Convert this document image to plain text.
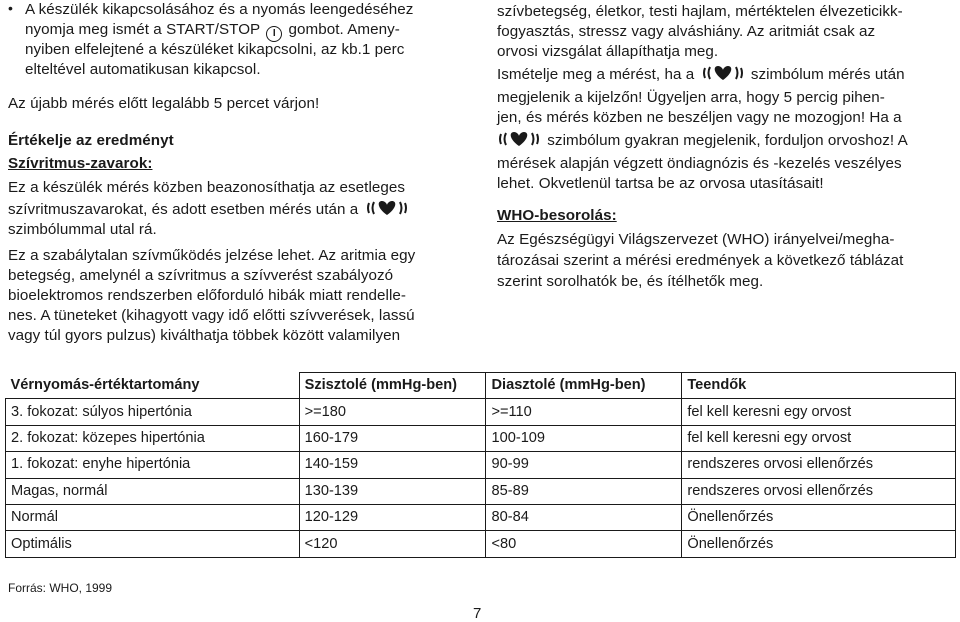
• A készülék kikapcsolásához és a nyomás leengedéséhez
nyomja meg ismét a START/STOP I gombot. Ameny-
nyiben elfelejtené a készüléket kikapcsolni, az kb.1 perc
elteltével automatikusan kikapcsol.
Az újabb mérés előtt legalább 5 percet várjon!
Értékelje az eredményt
Szívritmus-zavarok:
Ez a készülék mérés közben beazonosíthatja az esetleges
szívritmuszavarokat, és adott esetben mérés után a
szimbólummal utal rá.
Ez a szabálytalan szívműködés jelzése lehet. Az aritmia egy
betegség, amelynél a szívritmus a szívverést szabályozó
bioelektromos rendszerben előforduló hibák miatt rendelle-
nes. A tüneteket (kihagyott vagy idő előtti szívverések, lassú
vagy túl gyors pulzus) kiválthatja többek között valamilyen
szívbetegség, életkor, testi hajlam, mértéktelen élvezeticikk-
fogyasztás, stressz vagy alváshiány. Az aritmiát csak az
orvosi vizsgálat állapíthatja meg.
Ismételje meg a mérést, ha a	szimbólum mérés után
megjelenik a kijelzőn! Ügyeljen arra, hogy 5 percig pihen-
jen, és mérés közben ne beszéljen vagy ne mozogjon! Ha a
szimbólum gyakran megjelenik, forduljon orvoshoz! A
mérések alapján végzett öndiagnózis és -kezelés veszélyes
lehet. Okvetlenül tartsa be az orvosa utasításait!
WHO-besorolás:
Az Egészségügyi Világszervezet (WHO) irányelvei/megha-
tározásai szerint a mérési eredmények a következő táblázat
szerint sorolhatók be, és ítélhetők meg.
Vérnyomás-értéktartomány	Szisztolé (mmHg-ben)	Diasztolé (mmHg-ben)	Teendők
3. fokozat: súlyos hipertónia	>=180	>=110	fel kell keresni egy orvost
2. fokozat: közepes hipertónia	160-179	100-109	fel kell keresni egy orvost
1. fokozat: enyhe hipertónia	140-159	90-99	rendszeres orvosi ellenőrzés
Magas, normál	130-139	85-89	rendszeres orvosi ellenőrzés
Normál	120-129	80-84	Önellenőrzés
Optimális	<120	<80	Önellenőrzés
Forrás: WHO, 1999
7
